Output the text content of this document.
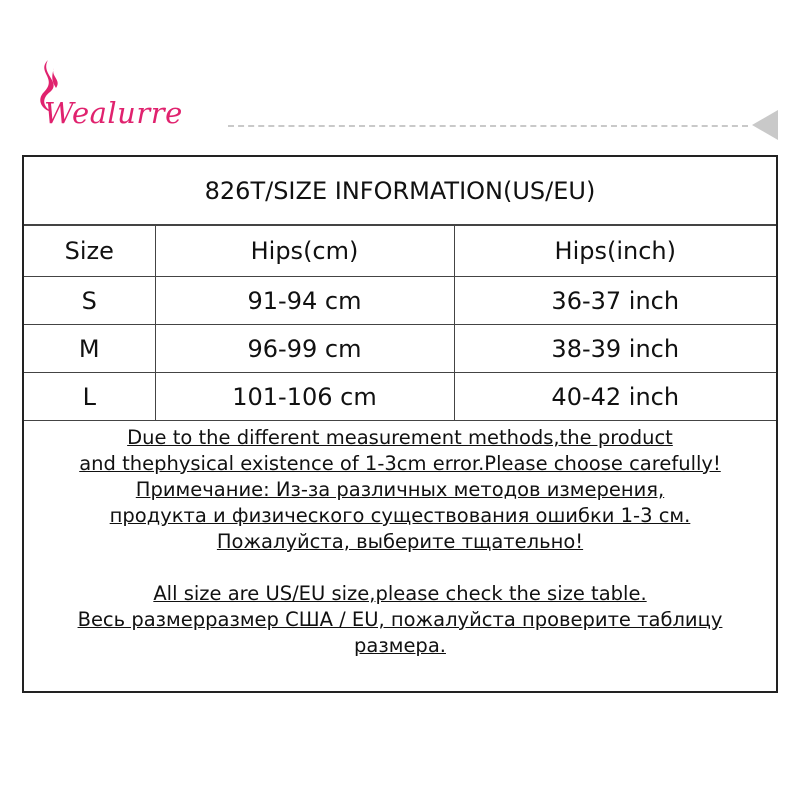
Wealurre
826T/SIZE INFORMATION(US/EU)
Size	Hips(cm)	Hips(inch)
S	91-94 cm	36-37 inch
M	96-99 cm	38-39 inch
L	101-106 cm	40-42 inch

Due to the different measurement methods,the product

and thephysical existence of 1-3cm error.Please choose carefully!

Примечание: Из-за различных методов измерения,

продукта и физического существования ошибки 1-3 см.

Пожалуйста, выберите тщательно!

All size are US/EU size,please check the size table.

Весь размерразмер США / EU, пожалуйста проверите таблицу

размера.
